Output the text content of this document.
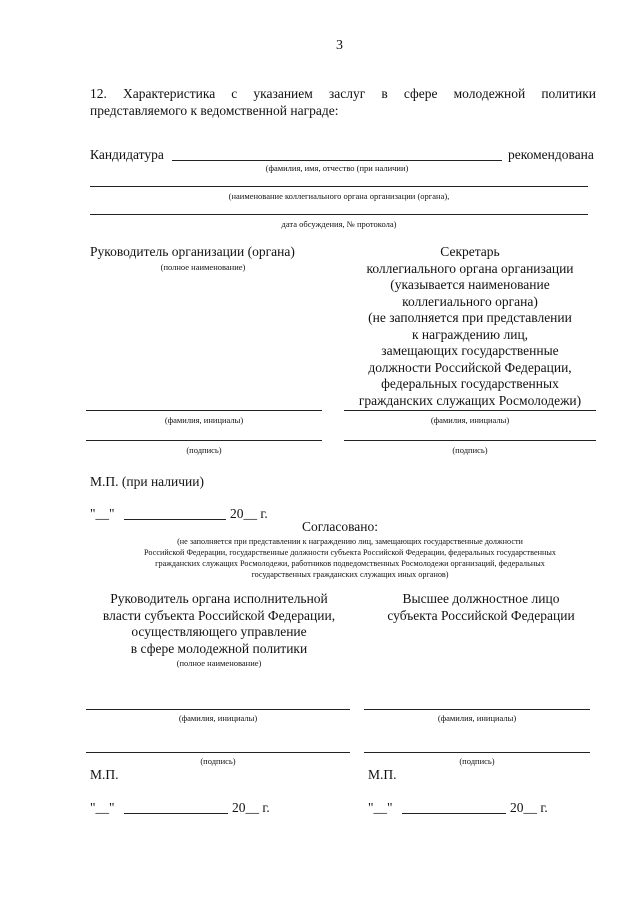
3
12. Характеристика с указанием заслуг в сфере молодежной политики
представляемого к ведомственной награде:
Кандидатура	рекомендована
(фамилия, имя, отчество (при наличии)
(наименование коллегиального органа организации (органа),
дата обсуждения, № протокола)
Руководитель организации (органа)
(полное наименование)
Секретарь
коллегиального органа организации
(указывается наименование
коллегиального органа)
(не заполняется при представлении
к награждению лиц,
замещающих государственные
должности Российской Федерации,
федеральных государственных
гражданских служащих Росмолодежи)
(фамилия, инициалы)	(фамилия, инициалы)
(подпись)	(подпись)
М.П. (при наличии)
"__"	20__ г.
Согласовано:
(не заполняется при представлении к награждению лиц, замещающих государственные должности
Российской Федерации, государственные должности субъекта Российской Федерации, федеральных государственных
гражданских служащих Росмолодежи, работников подведомственных Росмолодежи организаций, федеральных
государственных гражданских служащих иных органов)
Руководитель органа исполнительной
власти субъекта Российской Федерации,
осуществляющего управление
в сфере молодежной политики
(полное наименование)
Высшее должностное лицо
субъекта Российской Федерации
(фамилия, инициалы)	(фамилия, инициалы)
(подпись)	(подпись)
М.П.	М.П.
"__"	20__ г.	"__"	20__ г.
